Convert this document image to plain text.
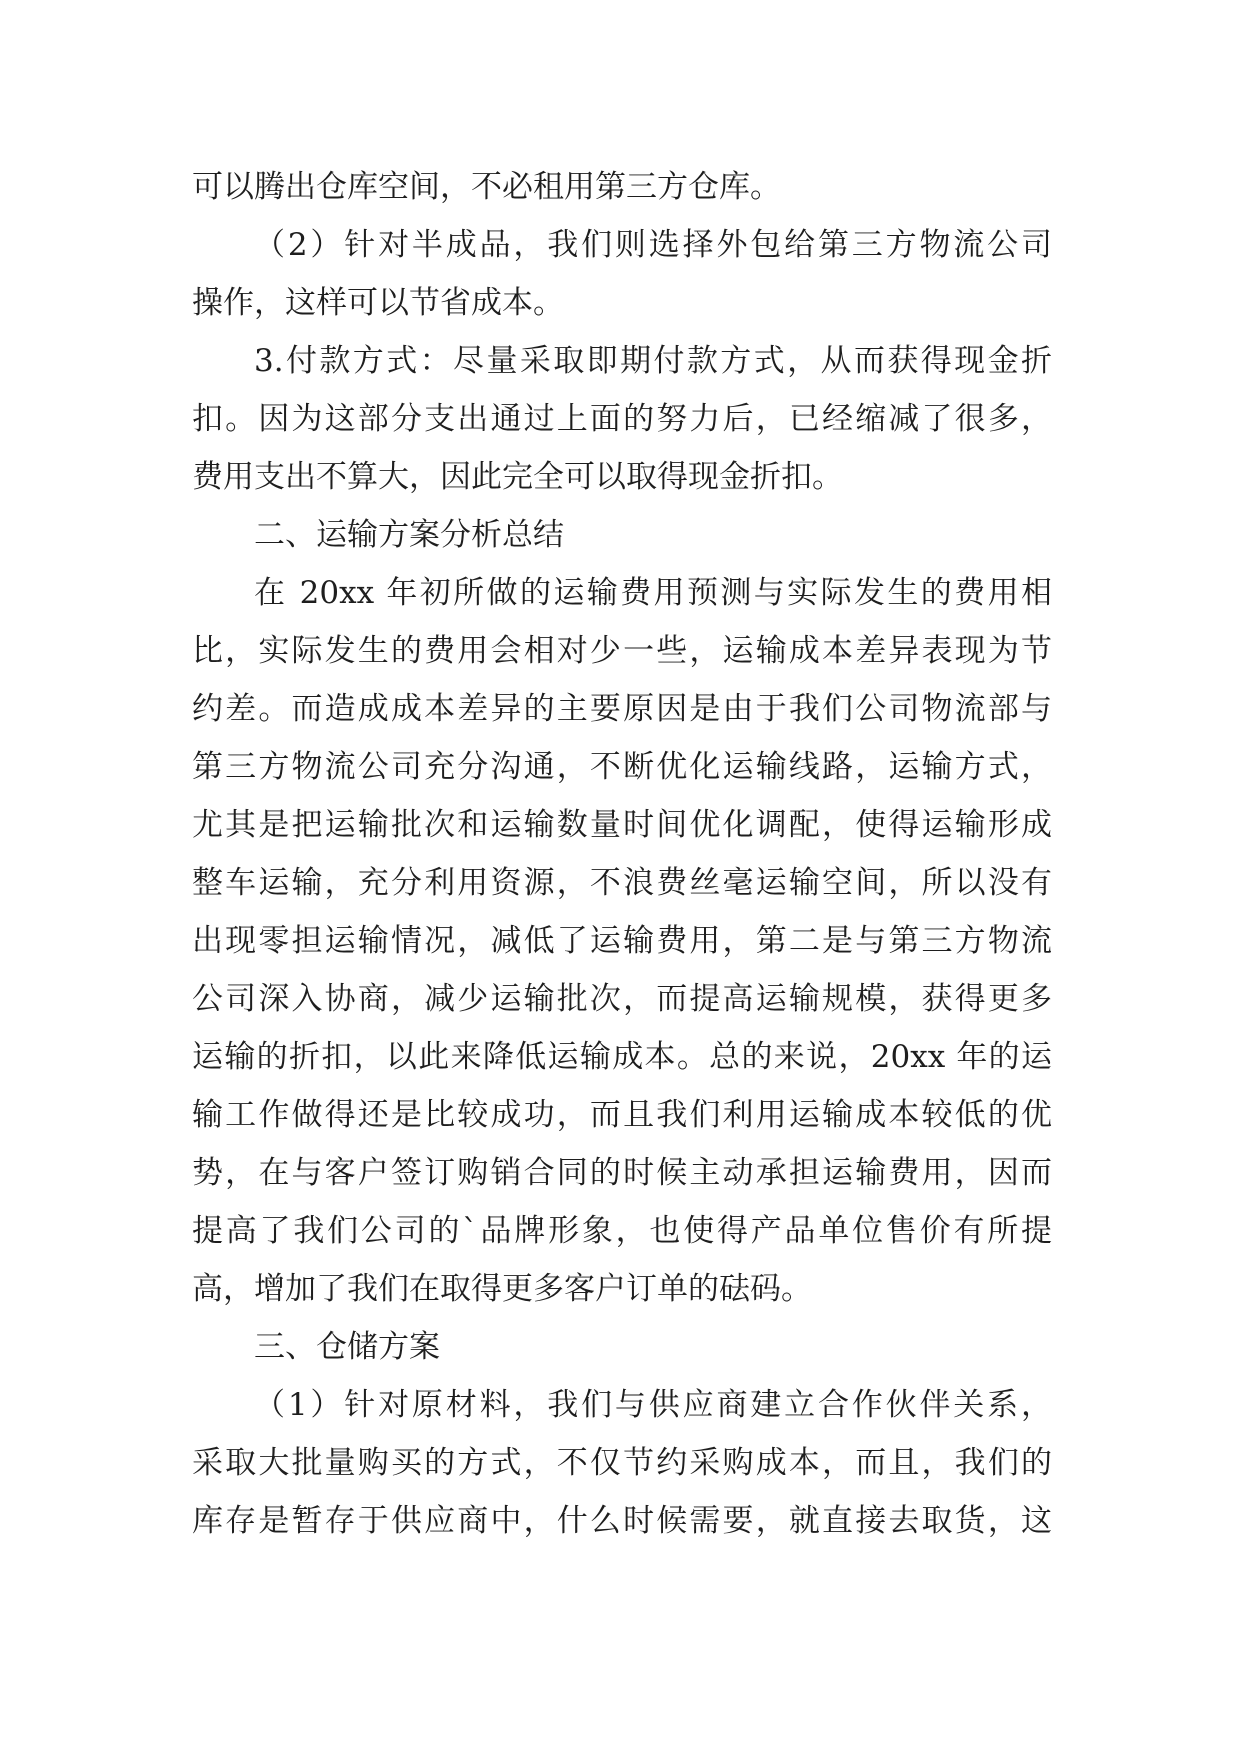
可以腾出仓库空间，不必租用第三方仓库。
（2）针对半成品，我们则选择外包给第三方物流公司
操作，这样可以节省成本。
3.付款方式：尽量采取即期付款方式，从而获得现金折
扣。因为这部分支出通过上面的努力后，已经缩减了很多，
费用支出不算大，因此完全可以取得现金折扣。
二、运输方案分析总结
在 20xx 年初所做的运输费用预测与实际发生的费用相
比，实际发生的费用会相对少一些，运输成本差异表现为节
约差。而造成成本差异的主要原因是由于我们公司物流部与
第三方物流公司充分沟通，不断优化运输线路，运输方式，
尤其是把运输批次和运输数量时间优化调配，使得运输形成
整车运输，充分利用资源，不浪费丝毫运输空间，所以没有
出现零担运输情况，减低了运输费用，第二是与第三方物流
公司深入协商，减少运输批次，而提高运输规模，获得更多
运输的折扣，以此来降低运输成本。总的来说，20xx 年的运
输工作做得还是比较成功，而且我们利用运输成本较低的优
势，在与客户签订购销合同的时候主动承担运输费用，因而
提高了我们公司的`品牌形象，也使得产品单位售价有所提
高，增加了我们在取得更多客户订单的砝码。
三、仓储方案
（1）针对原材料，我们与供应商建立合作伙伴关系，
采取大批量购买的方式，不仅节约采购成本，而且，我们的
库存是暂存于供应商中，什么时候需要，就直接去取货，这
